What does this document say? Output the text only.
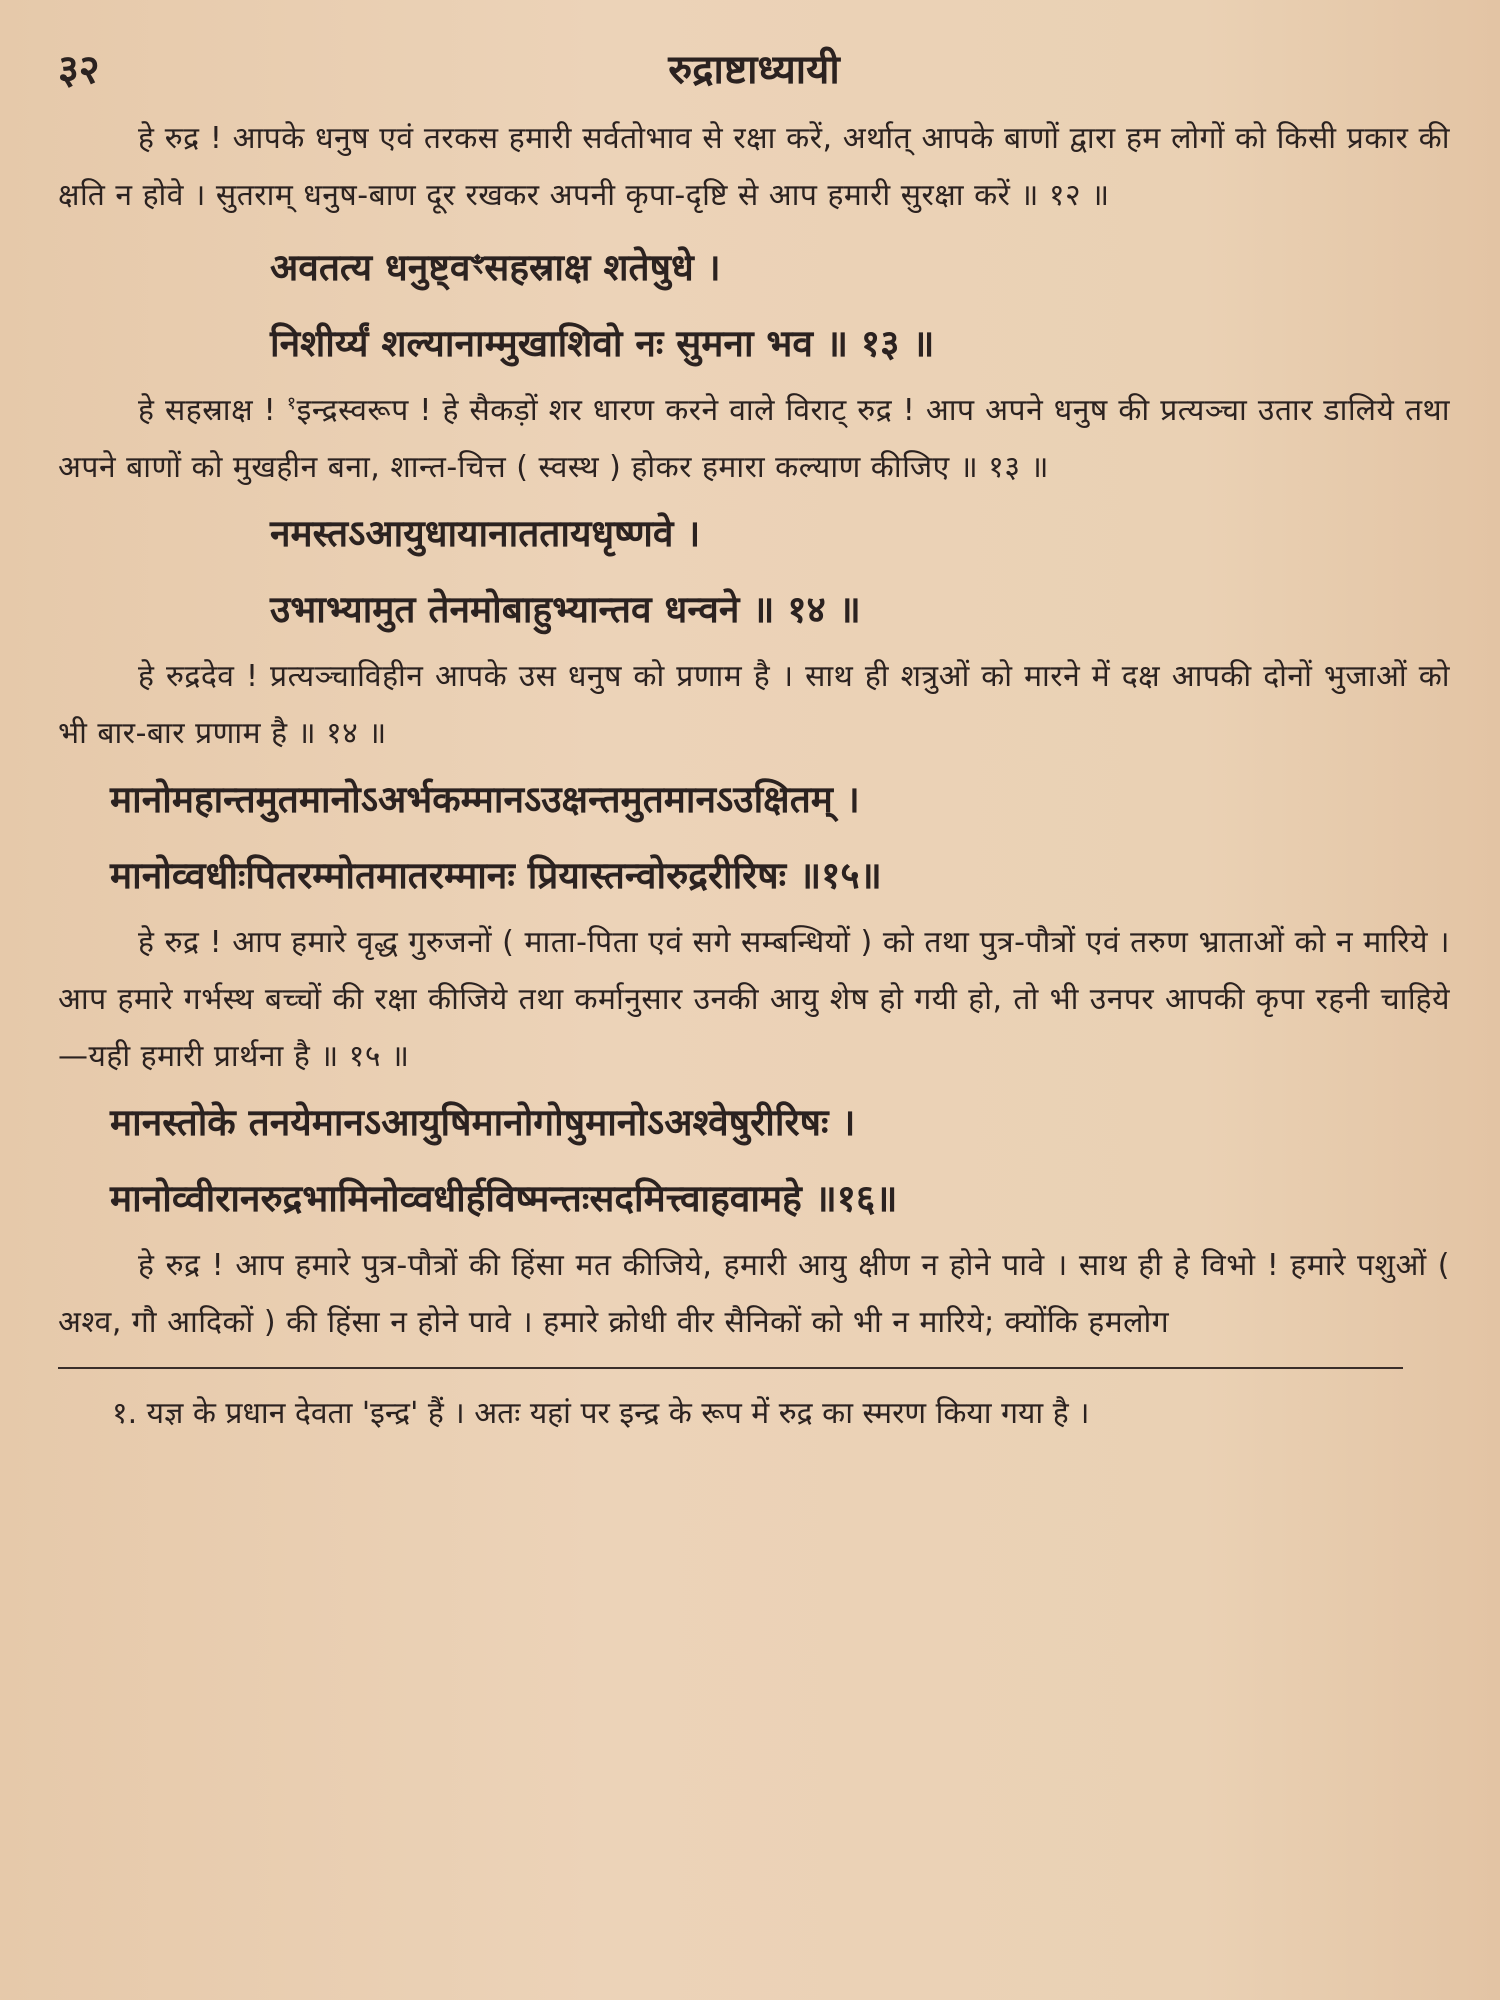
३२	रुद्राष्टाध्यायी

हे रुद्र ! आपके धनुष एवं तरकस हमारी सर्वतोभाव से रक्षा करें, अर्थात् आपके बाणों द्वारा हम लोगों को किसी प्रकार की क्षति न होवे । सुतराम् धनुष-बाण दूर रखकर अपनी कृपा-दृष्टि से आप हमारी सुरक्षा करें ॥ १२ ॥

अवतत्य धनुष्ट्वꣳसहस्राक्ष शतेषुधे ।

निशीर्य्यं शल्यानाम्मुखाशिवो नः सुमना भव ॥ १३ ॥

हे सहस्राक्ष ! $^१$इन्द्रस्वरूप ! हे सैकड़ों शर धारण करने वाले विराट् रुद्र ! आप अपने धनुष की प्रत्यञ्चा उतार डालिये तथा अपने बाणों को मुखहीन बना, शान्त-चित्त ( स्वस्थ ) होकर हमारा कल्याण कीजिए ॥ १३ ॥

नमस्तऽआयुधायानाततायधृष्णवे ।

उभाभ्यामुत तेनमोबाहुभ्यान्तव धन्वने ॥ १४ ॥

हे रुद्रदेव ! प्रत्यञ्चाविहीन आपके उस धनुष को प्रणाम है । साथ ही शत्रुओं को मारने में दक्ष आपकी दोनों भुजाओं को भी बार-बार प्रणाम है ॥ १४ ॥

मानोमहान्तमुतमानोऽअर्भकम्मानऽउक्षन्तमुतमानऽउक्षितम् ।

मानोव्वधीःपितरम्मोतमातरम्मानः प्रियास्तन्वोरुद्ररीरिषः ॥१५॥

हे रुद्र ! आप हमारे वृद्ध गुरुजनों ( माता-पिता एवं सगे सम्बन्धियों ) को तथा पुत्र-पौत्रों एवं तरुण भ्राताओं को न मारिये । आप हमारे गर्भस्थ बच्चों की रक्षा कीजिये तथा कर्मानुसार उनकी आयु शेष हो गयी हो, तो भी उनपर आपकी कृपा रहनी चाहिये—यही हमारी प्रार्थना है ॥ १५ ॥

मानस्तोके तनयेमानऽआयुषिमानोगोषुमानोऽअश्वेषुरीरिषः ।

मानोव्वीरानरुद्रभामिनोव्वधीर्हविष्मन्तःसदमित्त्वाहवामहे ॥१६॥

हे रुद्र ! आप हमारे पुत्र-पौत्रों की हिंसा मत कीजिये, हमारी आयु क्षीण न होने पावे । साथ ही हे विभो ! हमारे पशुओं ( अश्व, गौ आदिकों ) की हिंसा न होने पावे । हमारे क्रोधी वीर सैनिकों को भी न मारिये; क्योंकि हमलोग

१. यज्ञ के प्रधान देवता 'इन्द्र' हैं । अतः यहां पर इन्द्र के रूप में रुद्र का स्मरण किया गया है ।
